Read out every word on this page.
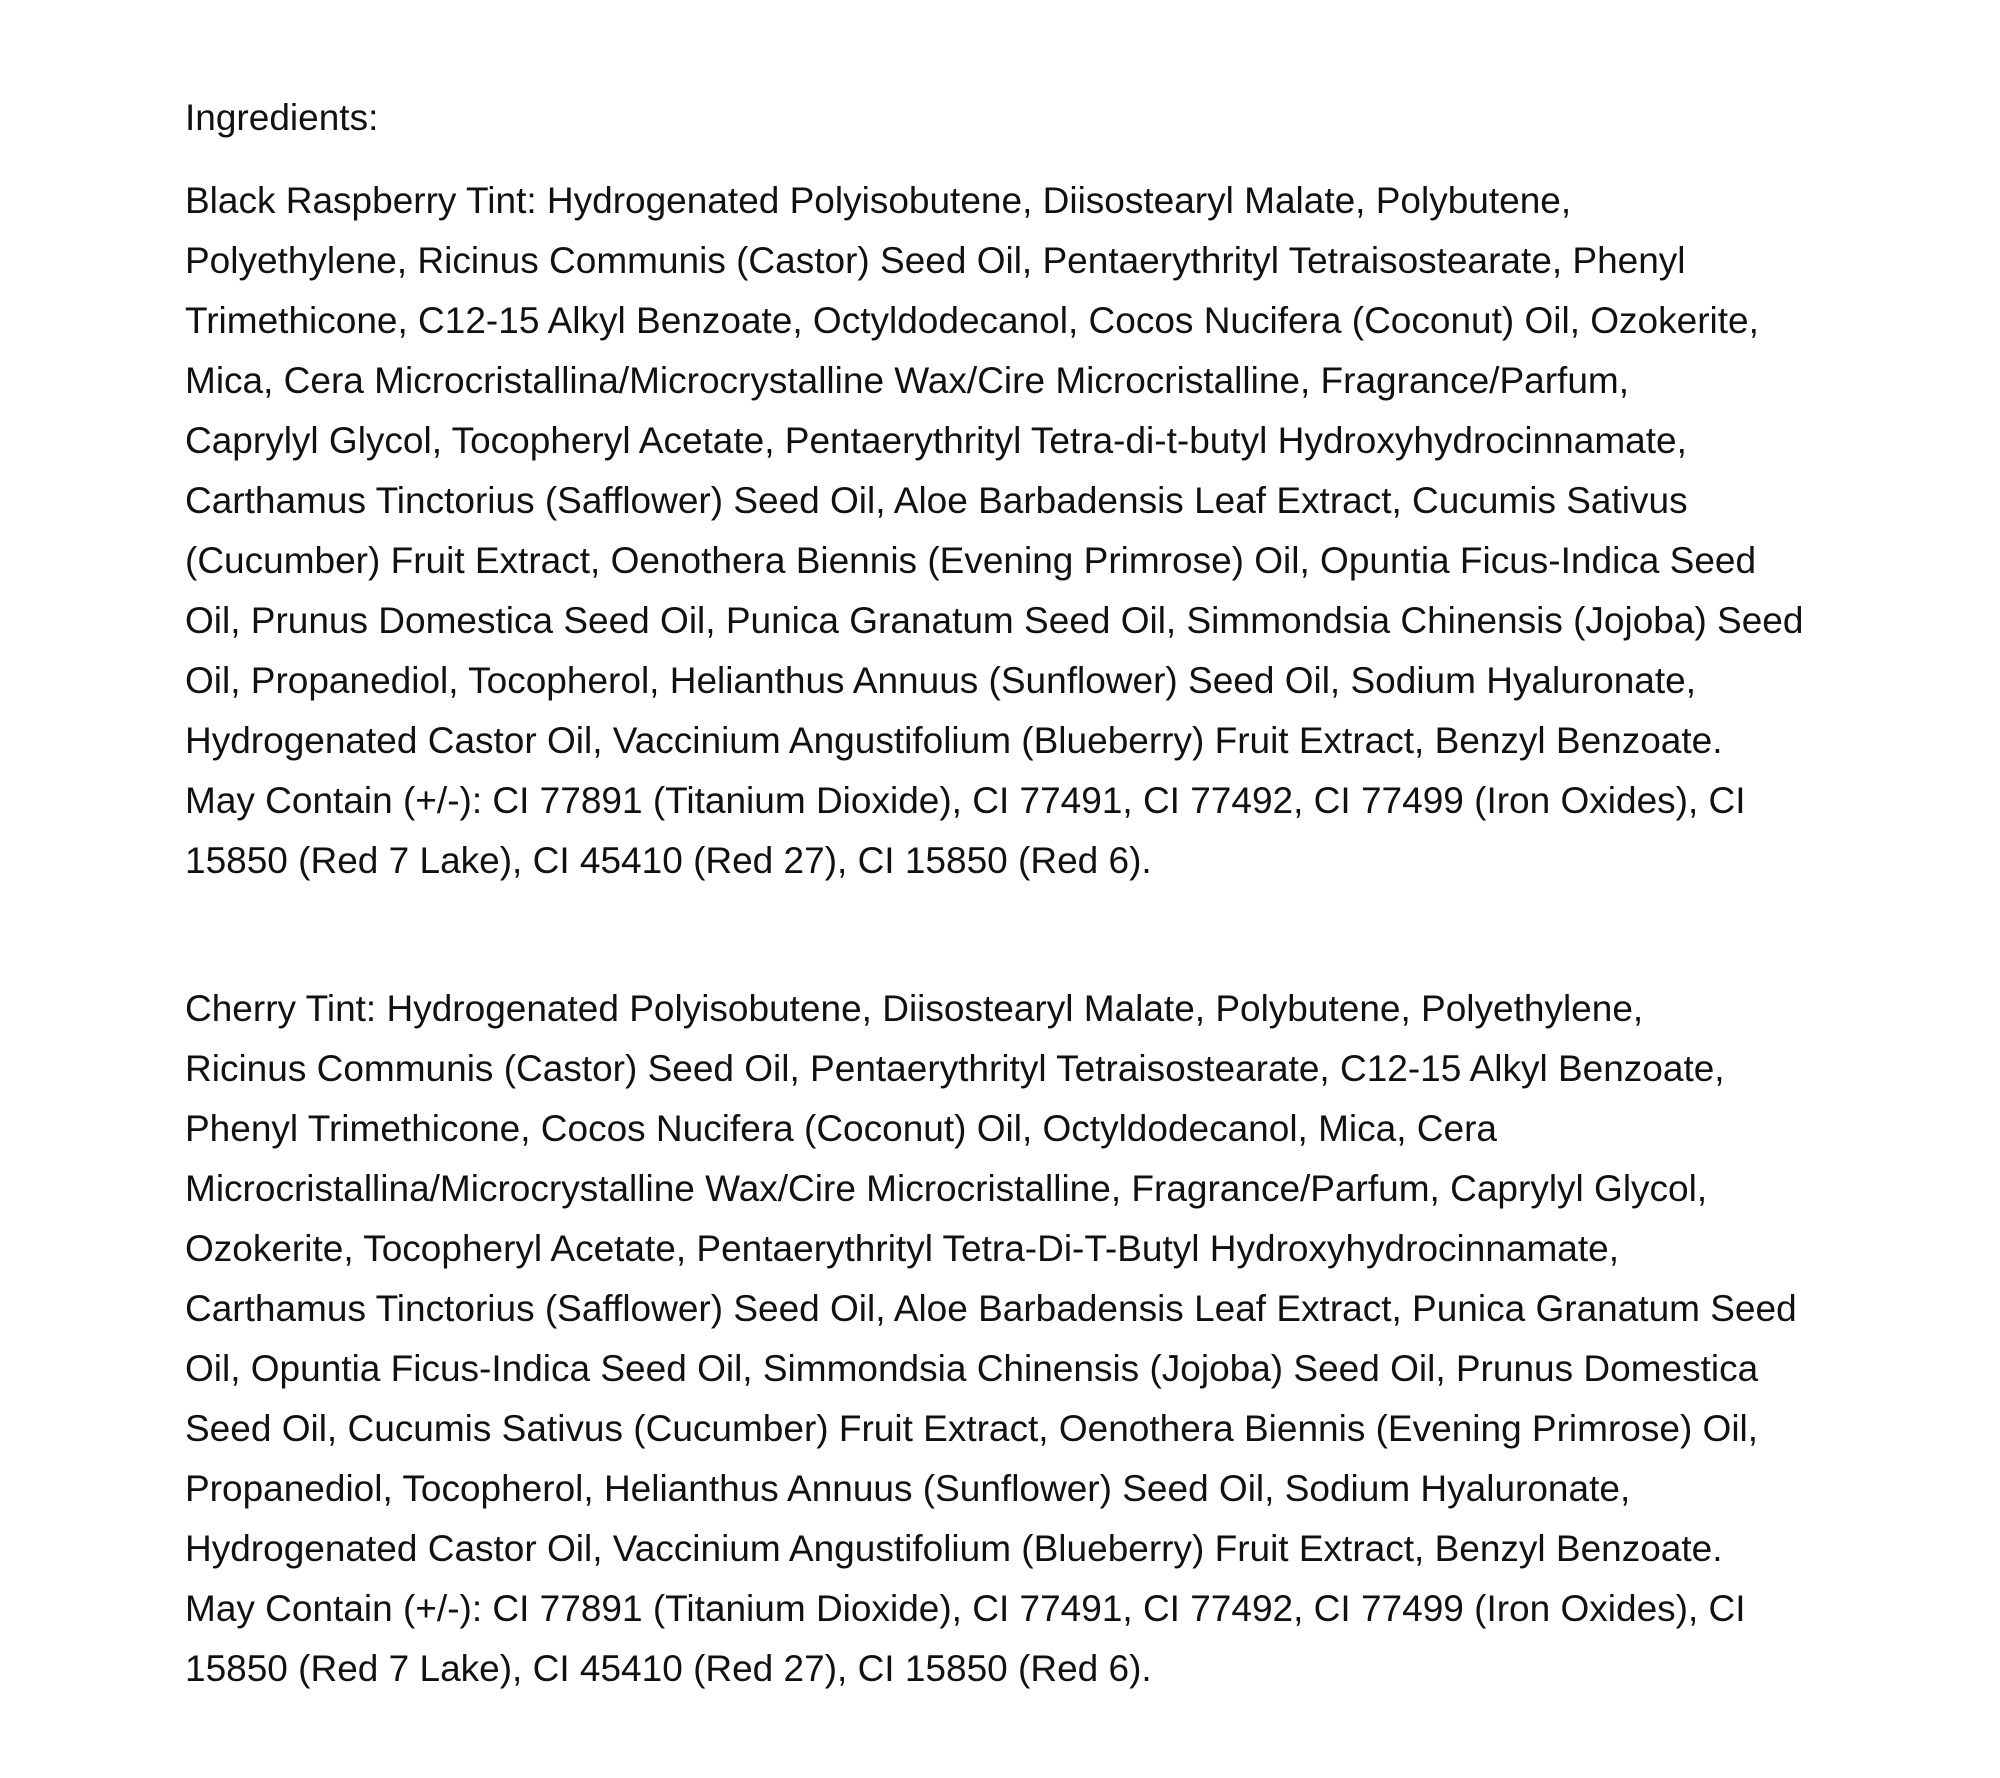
Ingredients:

Black Raspberry Tint: Hydrogenated Polyisobutene, Diisostearyl Malate, Polybutene,

Polyethylene, Ricinus Communis (Castor) Seed Oil, Pentaerythrityl Tetraisostearate, Phenyl

Trimethicone, C12-15 Alkyl Benzoate, Octyldodecanol, Cocos Nucifera (Coconut) Oil, Ozokerite,

Mica, Cera Microcristallina/Microcrystalline Wax/Cire Microcristalline, Fragrance/Parfum,

Caprylyl Glycol, Tocopheryl Acetate, Pentaerythrityl Tetra-di-t-butyl Hydroxyhydrocinnamate,

Carthamus Tinctorius (Safflower) Seed Oil, Aloe Barbadensis Leaf Extract, Cucumis Sativus

(Cucumber) Fruit Extract, Oenothera Biennis (Evening Primrose) Oil, Opuntia Ficus-Indica Seed

Oil, Prunus Domestica Seed Oil, Punica Granatum Seed Oil, Simmondsia Chinensis (Jojoba) Seed

Oil, Propanediol, Tocopherol, Helianthus Annuus (Sunflower) Seed Oil, Sodium Hyaluronate,

Hydrogenated Castor Oil, Vaccinium Angustifolium (Blueberry) Fruit Extract, Benzyl Benzoate.

May Contain (+/-): CI 77891 (Titanium Dioxide), CI 77491, CI 77492, CI 77499 (Iron Oxides), CI

15850 (Red 7 Lake), CI 45410 (Red 27), CI 15850 (Red 6).

Cherry Tint: Hydrogenated Polyisobutene, Diisostearyl Malate, Polybutene, Polyethylene,

Ricinus Communis (Castor) Seed Oil, Pentaerythrityl Tetraisostearate, C12-15 Alkyl Benzoate,

Phenyl Trimethicone, Cocos Nucifera (Coconut) Oil, Octyldodecanol, Mica, Cera

Microcristallina/Microcrystalline Wax/Cire Microcristalline, Fragrance/Parfum, Caprylyl Glycol,

Ozokerite, Tocopheryl Acetate, Pentaerythrityl Tetra-Di-T-Butyl Hydroxyhydrocinnamate,

Carthamus Tinctorius (Safflower) Seed Oil, Aloe Barbadensis Leaf Extract, Punica Granatum Seed

Oil, Opuntia Ficus-Indica Seed Oil, Simmondsia Chinensis (Jojoba) Seed Oil, Prunus Domestica

Seed Oil, Cucumis Sativus (Cucumber) Fruit Extract, Oenothera Biennis (Evening Primrose) Oil,

Propanediol, Tocopherol, Helianthus Annuus (Sunflower) Seed Oil, Sodium Hyaluronate,

Hydrogenated Castor Oil, Vaccinium Angustifolium (Blueberry) Fruit Extract, Benzyl Benzoate.

May Contain (+/-): CI 77891 (Titanium Dioxide), CI 77491, CI 77492, CI 77499 (Iron Oxides), CI

15850 (Red 7 Lake), CI 45410 (Red 27), CI 15850 (Red 6).
